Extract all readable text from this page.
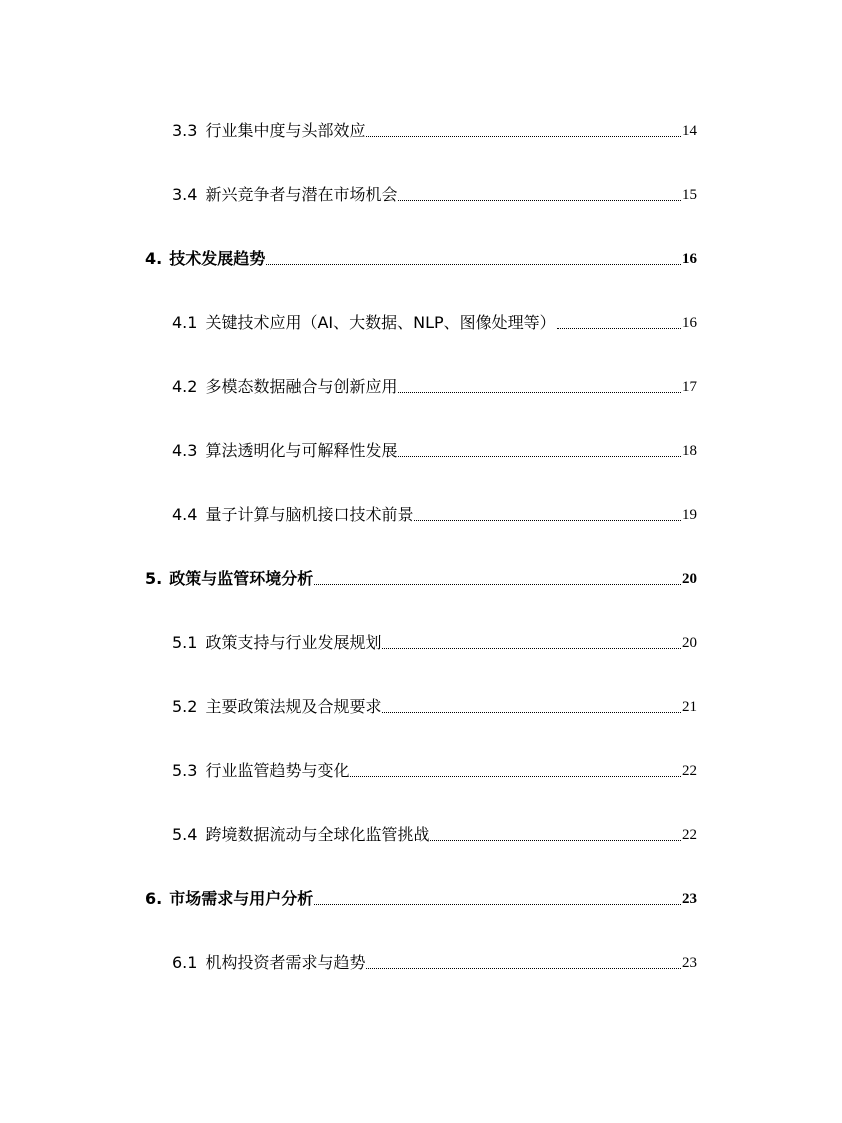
3.3 行业集中度与头部效应	14
3.4 新兴竞争者与潜在市场机会	15
4. 技术发展趋势	16
4.1 关键技术应用（AI、大数据、NLP、图像处理等）	16
4.2 多模态数据融合与创新应用	17
4.3 算法透明化与可解释性发展	18
4.4 量子计算与脑机接口技术前景	19
5. 政策与监管环境分析	20
5.1 政策支持与行业发展规划	20
5.2 主要政策法规及合规要求	21
5.3 行业监管趋势与变化	22
5.4 跨境数据流动与全球化监管挑战	22
6. 市场需求与用户分析	23
6.1 机构投资者需求与趋势	23
